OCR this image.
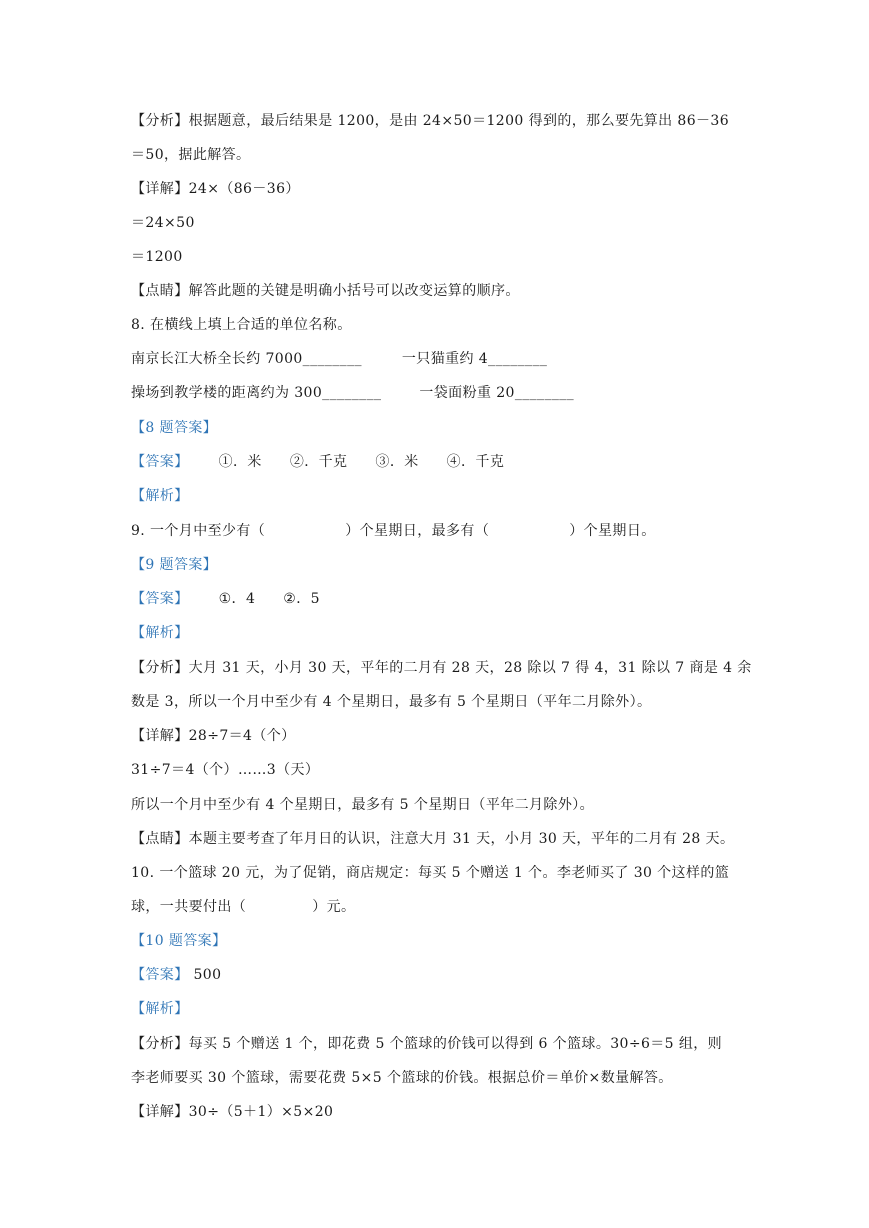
【分析】根据题意，最后结果是 1200，是由 24×50＝1200 得到的，那么要先算出 86－36
＝50，据此解答。
【详解】24×（86－36）
＝24×50
＝1200
【点睛】解答此题的关键是明确小括号可以改变运算的顺序。
8. 在横线上填上合适的单位名称。
南京长江大桥全长约 7000________	一只猫重约 4________
操场到教学楼的距离约为 300________	一袋面粉重 20________
【8 题答案】
【答案】 ①．米 ②．千克 ③．米 ④．千克
【解析】
9. 一个月中至少有（	）个星期日，最多有（	）个星期日。
【9 题答案】
【答案】 ①．4 ②．5
【解析】
【分析】大月 31 天，小月 30 天，平年的二月有 28 天，28 除以 7 得 4，31 除以 7 商是 4 余
数是 3，所以一个月中至少有 4 个星期日，最多有 5 个星期日（平年二月除外）。
【详解】28÷7＝4（个）
31÷7＝4（个）……3（天）
所以一个月中至少有 4 个星期日，最多有 5 个星期日（平年二月除外）。
【点睛】本题主要考查了年月日的认识，注意大月 31 天，小月 30 天，平年的二月有 28 天。
10. 一个篮球 20 元，为了促销，商店规定：每买 5 个赠送 1 个。李老师买了 30 个这样的篮
球，一共要付出（	）元。
【10 题答案】
【答案】 500
【解析】
【分析】每买 5 个赠送 1 个，即花费 5 个篮球的价钱可以得到 6 个篮球。30÷6＝5 组，则
李老师要买 30 个篮球，需要花费 5×5 个篮球的价钱。根据总价＝单价×数量解答。
【详解】30÷（5＋1）×5×20
